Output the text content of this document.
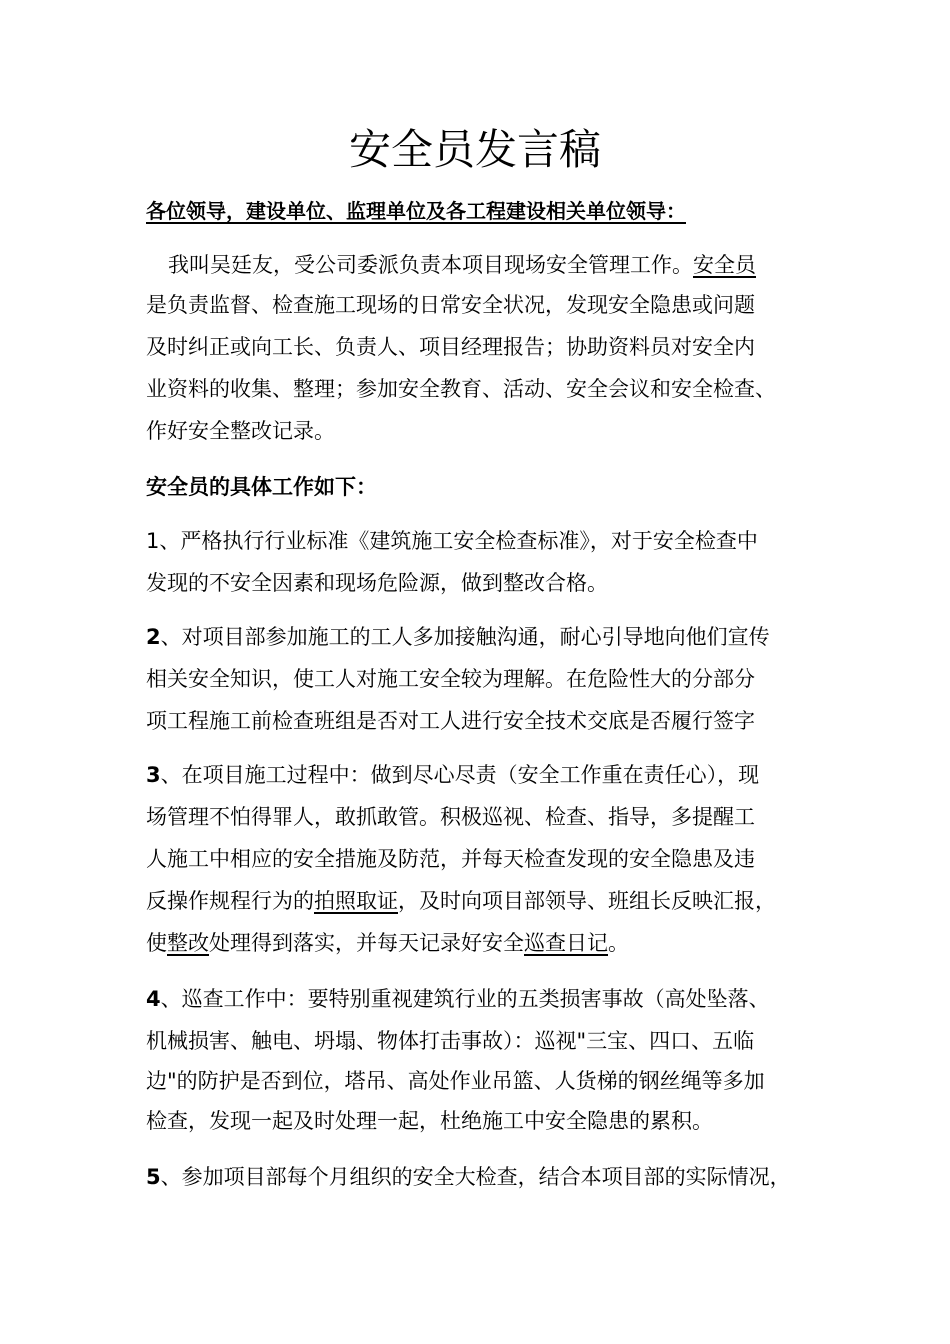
安全员发言稿
各位领导，建设单位、监理单位及各工程建设相关单位领导：
我叫吴廷友，受公司委派负责本项目现场安全管理工作。安全员
是负责监督、检查施工现场的日常安全状况，发现安全隐患或问题
及时纠正或向工长、负责人、项目经理报告；协助资料员对安全内
业资料的收集、整理；参加安全教育、活动、安全会议和安全检查、
作好安全整改记录。
安全员的具体工作如下：
1、严格执行行业标准《建筑施工安全检查标准》，对于安全检查中
发现的不安全因素和现场危险源，做到整改合格。
2、对项目部参加施工的工人多加接触沟通，耐心引导地向他们宣传
相关安全知识，使工人对施工安全较为理解。在危险性大的分部分
项工程施工前检查班组是否对工人进行安全技术交底是否履行签字
3、在项目施工过程中：做到尽心尽责（安全工作重在责任心），现
场管理不怕得罪人，敢抓敢管。积极巡视、检查、指导，多提醒工
人施工中相应的安全措施及防范，并每天检查发现的安全隐患及违
反操作规程行为的拍照取证，及时向项目部领导、班组长反映汇报，
使整改处理得到落实，并每天记录好安全巡查日记。
4、巡查工作中：要特别重视建筑行业的五类损害事故（高处坠落、
机械损害、触电、坍塌、物体打击事故）：巡视"三宝、四口、五临
边"的防护是否到位，塔吊、高处作业吊篮、人货梯的钢丝绳等多加
检查，发现一起及时处理一起，杜绝施工中安全隐患的累积。
5、参加项目部每个月组织的安全大检查，结合本项目部的实际情况，
